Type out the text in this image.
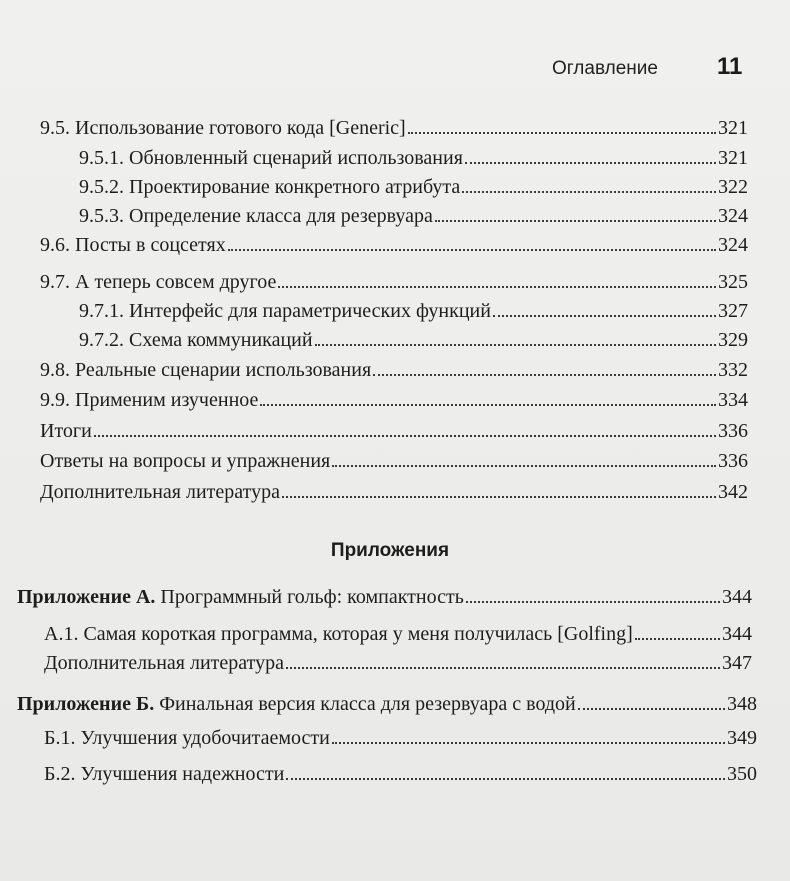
Оглавление 11
9.5. Использование готового кода [Generic]	321
9.5.1. Обновленный сценарий использования	321
9.5.2. Проектирование конкретного атрибута	322
9.5.3. Определение класса для резервуара	324
9.6. Посты в соцсетях	324
9.7. А теперь совсем другое	325
9.7.1. Интерфейс для параметрических функций	327
9.7.2. Схема коммуникаций	329
9.8. Реальные сценарии использования	332
9.9. Применим изученное	334
Итоги	336
Ответы на вопросы и упражнения	336
Дополнительная литература	342
Приложения
Приложение А. Программный гольф: компактность	344
А.1. Самая короткая программа, которая у меня получилась [Golfing]	344
Дополнительная литература	347
Приложение Б. Финальная версия класса для резервуара с водой	348
Б.1. Улучшения удобочитаемости	349
Б.2. Улучшения надежности	350
